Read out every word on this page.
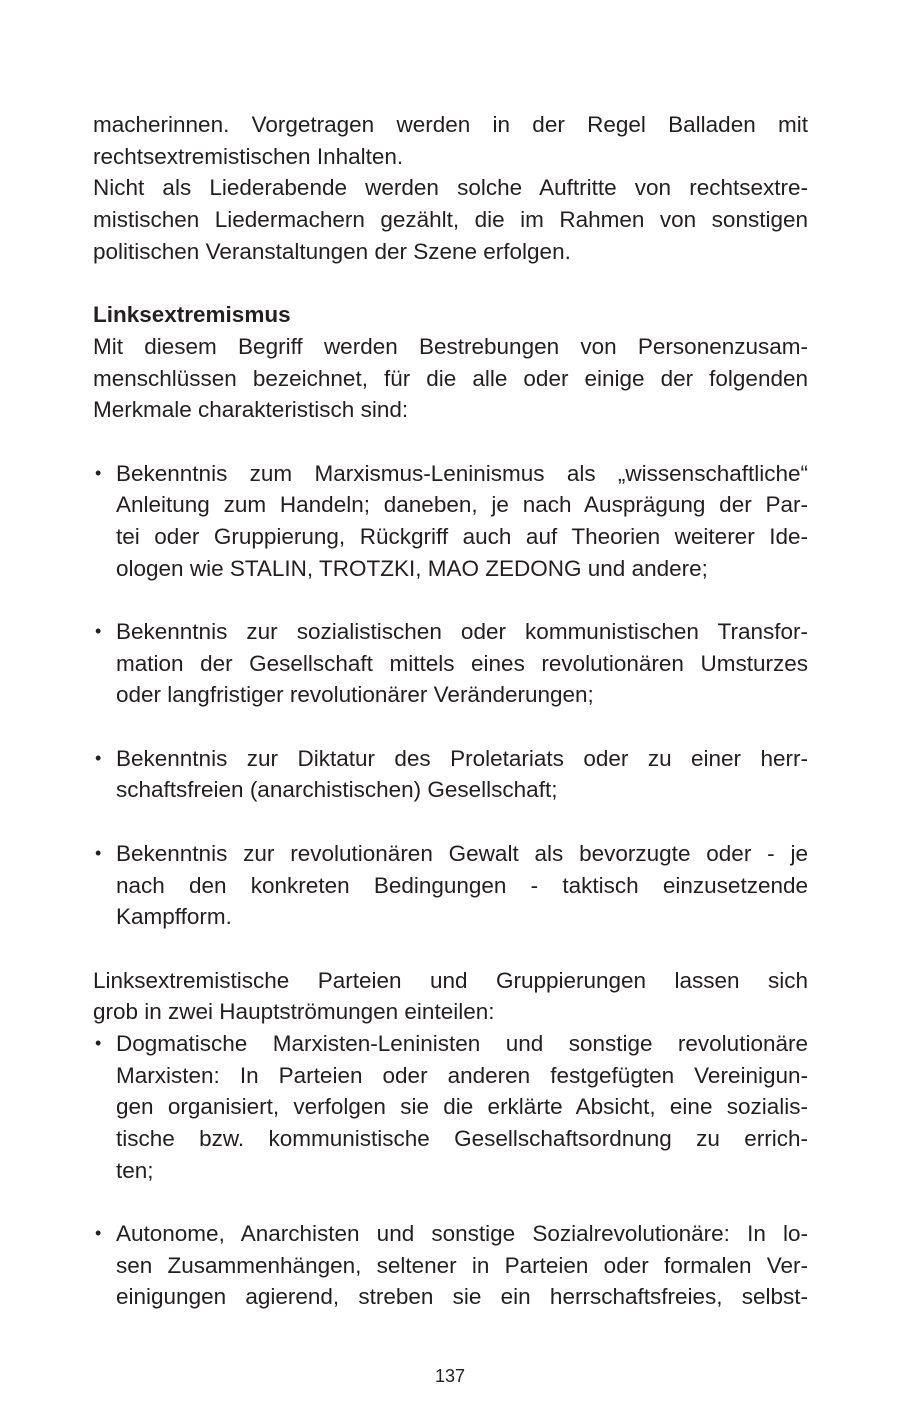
macherinnen. Vorgetragen werden in der Regel Balladen mit
rechtsextremistischen Inhalten.
Nicht als Liederabende werden solche Auftritte von rechtsextre-
mistischen Liedermachern gezählt, die im Rahmen von sonstigen
politischen Veranstaltungen der Szene erfolgen.
Linksextremismus
Mit diesem Begriff werden Bestrebungen von Personenzusam-
menschlüssen bezeichnet, für die alle oder einige der folgenden
Merkmale charakteristisch sind:
• Bekenntnis zum Marxismus-Leninismus als „wissenschaftliche“
Anleitung zum Handeln; daneben, je nach Ausprägung der Par-
tei oder Gruppierung, Rückgriff auch auf Theorien weiterer Ide-
ologen wie STALIN, TROTZKI, MAO ZEDONG und andere;
• Bekenntnis zur sozialistischen oder kommunistischen Transfor-
mation der Gesellschaft mittels eines revolutionären Umsturzes
oder langfristiger revolutionärer Veränderungen;
• Bekenntnis zur Diktatur des Proletariats oder zu einer herr-
schaftsfreien (anarchistischen) Gesellschaft;
• Bekenntnis zur revolutionären Gewalt als bevorzugte oder - je
nach den konkreten Bedingungen - taktisch einzusetzende
Kampfform.
Linksextremistische Parteien und Gruppierungen lassen sich
grob in zwei Hauptströmungen einteilen:
• Dogmatische Marxisten-Leninisten und sonstige revolutionäre
Marxisten: In Parteien oder anderen festgefügten Vereinigun-
gen organisiert, verfolgen sie die erklärte Absicht, eine sozialis-
tische bzw. kommunistische Gesellschaftsordnung zu errich-
ten;
• Autonome, Anarchisten und sonstige Sozialrevolutionäre: In lo-
sen Zusammenhängen, seltener in Parteien oder formalen Ver-
einigungen agierend, streben sie ein herrschaftsfreies, selbst-
137
